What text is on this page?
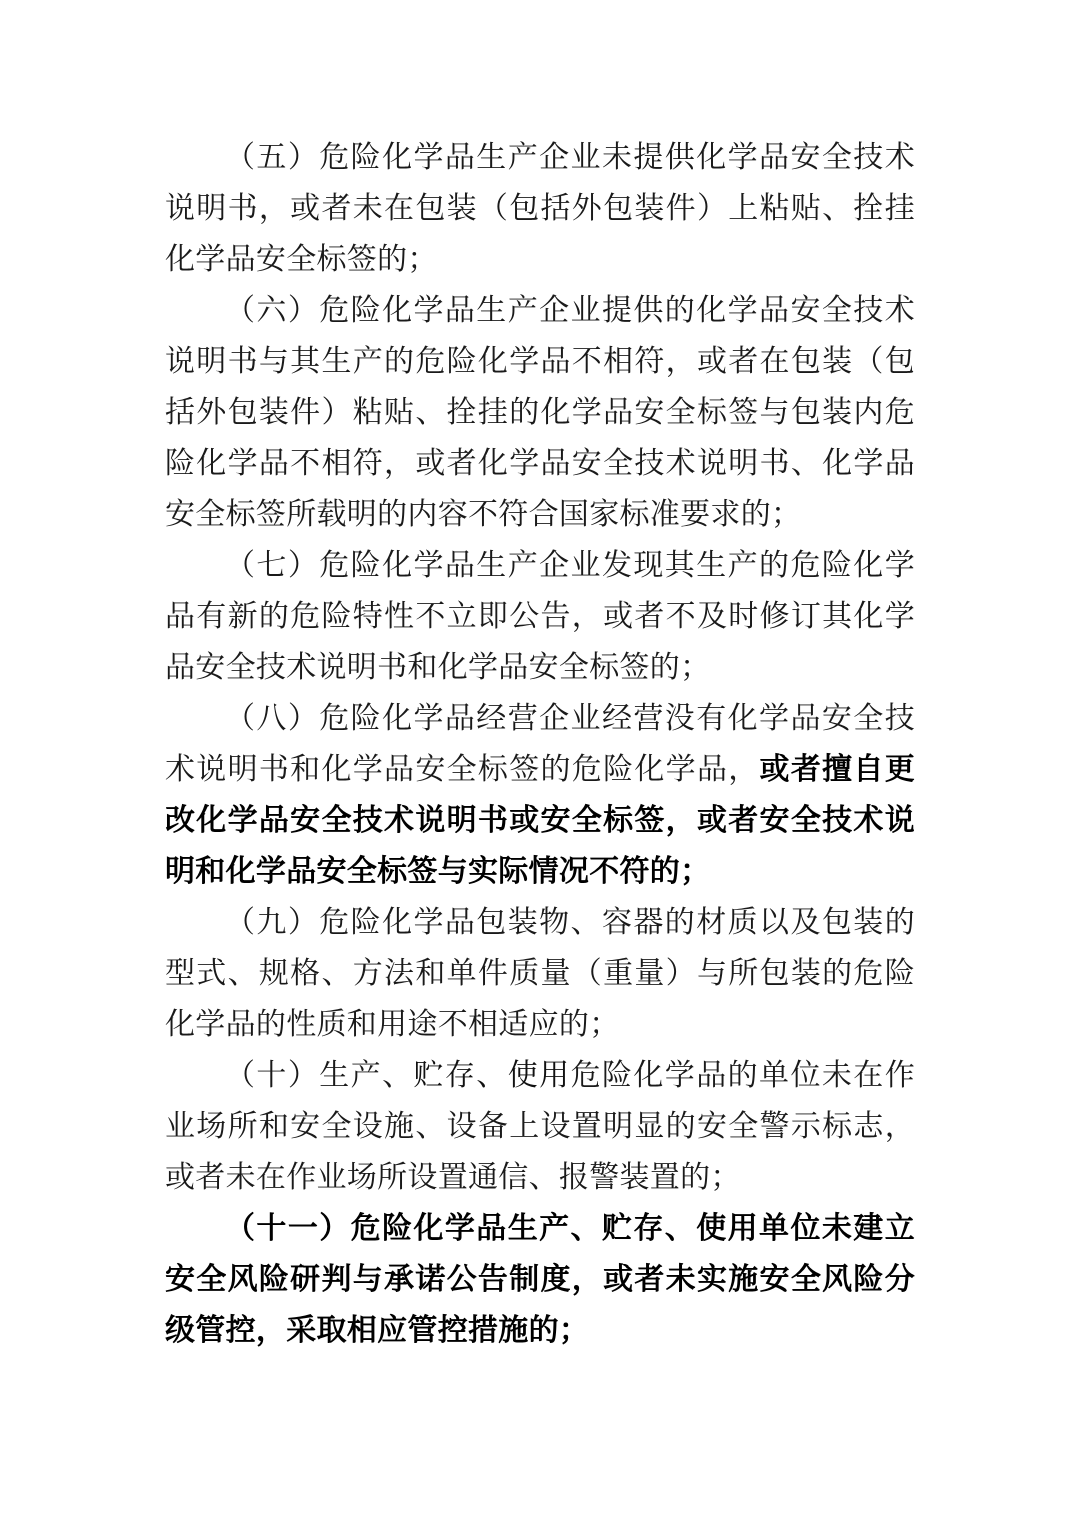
（五）危险化学品生产企业未提供化学品安全技术说明书，或者未在包装（包括外包装件）上粘贴、拴挂化学品安全标签的；

（六）危险化学品生产企业提供的化学品安全技术说明书与其生产的危险化学品不相符，或者在包装（包括外包装件）粘贴、拴挂的化学品安全标签与包装内危险化学品不相符，或者化学品安全技术说明书、化学品安全标签所载明的内容不符合国家标准要求的；

（七）危险化学品生产企业发现其生产的危险化学品有新的危险特性不立即公告，或者不及时修订其化学品安全技术说明书和化学品安全标签的；

（八）危险化学品经营企业经营没有化学品安全技术说明书和化学品安全标签的危险化学品，或者擅自更改化学品安全技术说明书或安全标签，或者安全技术说明和化学品安全标签与实际情况不符的；

（九）危险化学品包装物、容器的材质以及包装的型式、规格、方法和单件质量（重量）与所包装的危险化学品的性质和用途不相适应的；

（十）生产、贮存、使用危险化学品的单位未在作业场所和安全设施、设备上设置明显的安全警示标志，或者未在作业场所设置通信、报警装置的；

（十一）危险化学品生产、贮存、使用单位未建立安全风险研判与承诺公告制度，或者未实施安全风险分级管控，采取相应管控措施的；
